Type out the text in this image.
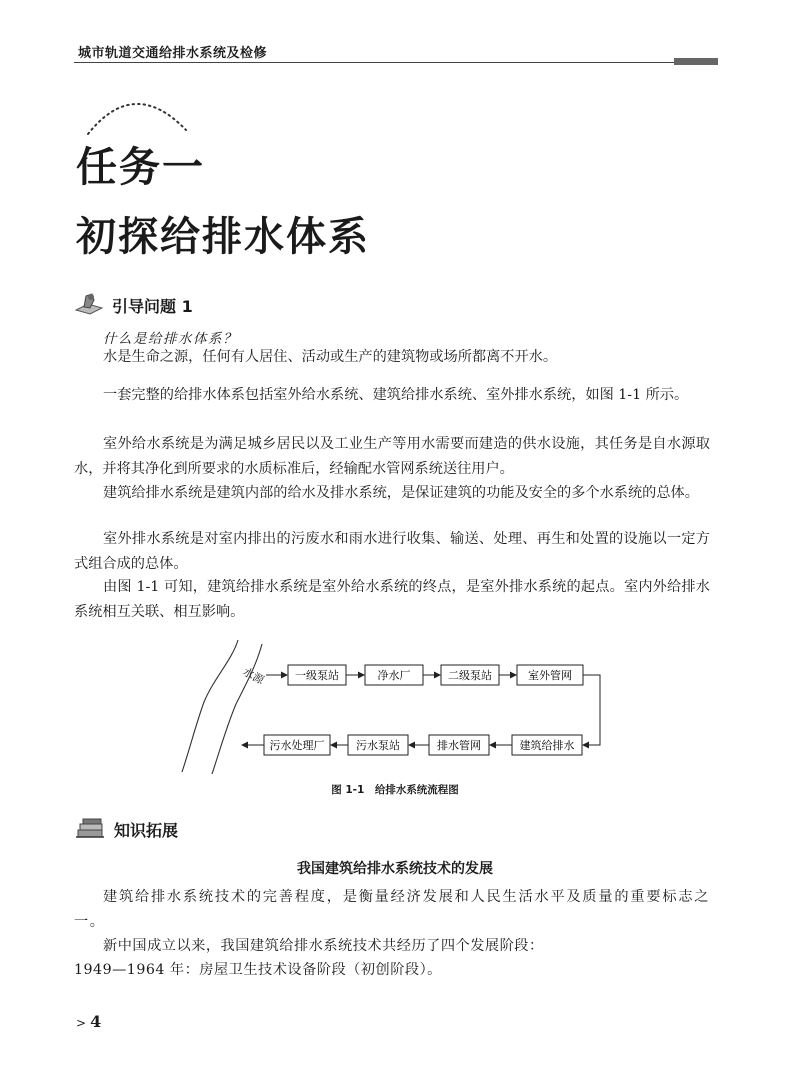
城市轨道交通给排水系统及检修
任务一
初探给排水体系
引导问题 1
什么是给排水体系？

水是生命之源，任何有人居住、活动或生产的建筑物或场所都离不开水。

一套完整的给排水体系包括室外给水系统、建筑给排水系统、室外排水系统，如图 1-1 所示。

室外给水系统是为满足城乡居民以及工业生产等用水需要而建造的供水设施，其任务是自水源取水，并将其净化到所要求的水质标准后，经输配水管网系统送往用户。

建筑给排水系统是建筑内部的给水及排水系统，是保证建筑的功能及安全的多个水系统的总体。

室外排水系统是对室内排出的污废水和雨水进行收集、输送、处理、再生和处置的设施以一定方式组合成的总体。

由图 1-1 可知，建筑给排水系统是室外给水系统的终点，是室外排水系统的起点。室内外给排水系统相互关联、相互影响。

水源	一级泵站	净水厂	二级泵站	室外管网
污水处理厂	污水泵站	排水管网	建筑给排水
图 1-1　给排水系统流程图
知识拓展
我国建筑给排水系统技术的发展

建筑给排水系统技术的完善程度，是衡量经济发展和人民生活水平及质量的重要标志之一。

新中国成立以来，我国建筑给排水系统技术共经历了四个发展阶段：

1949—1964 年：房屋卫生技术设备阶段（初创阶段）。

> 4
